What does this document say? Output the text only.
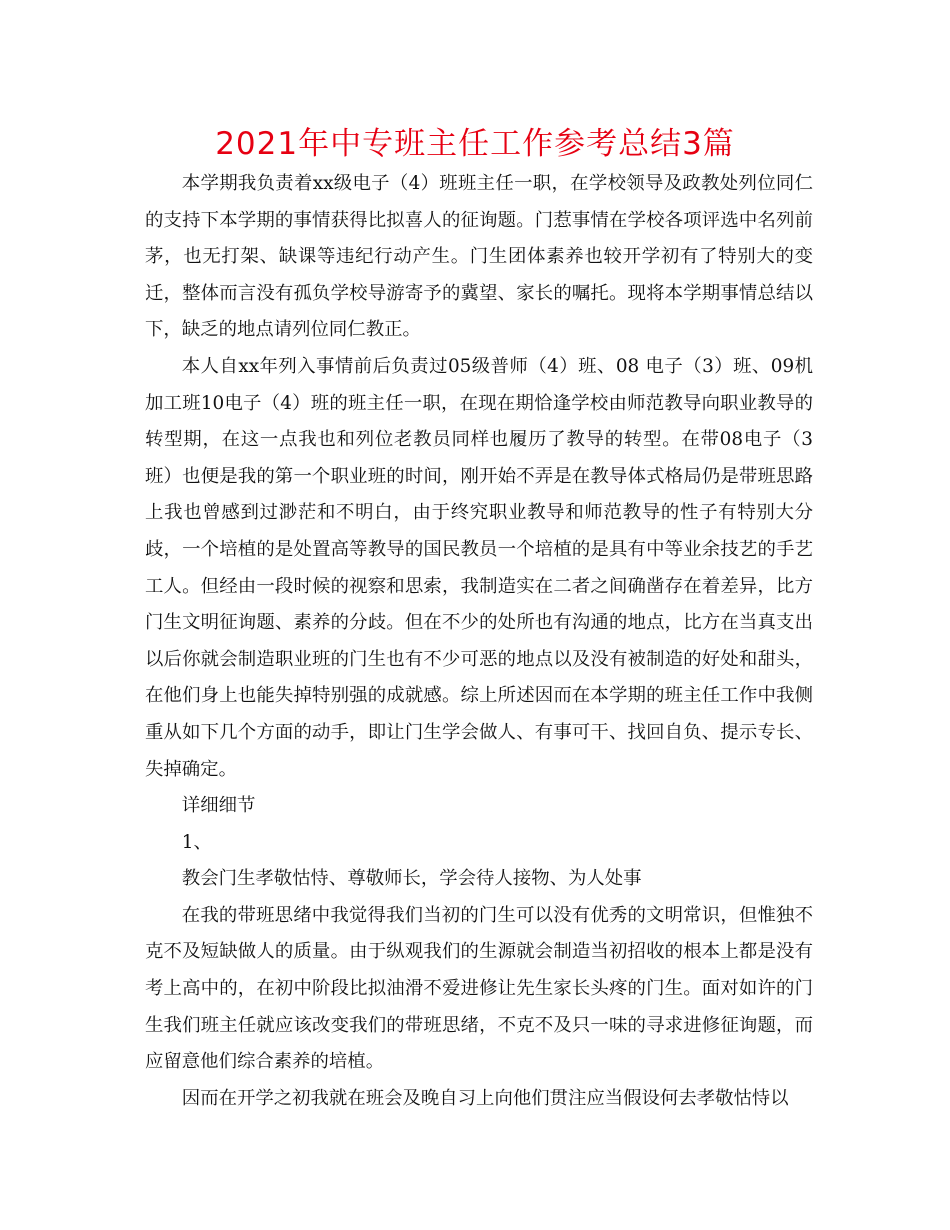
2021年中专班主任工作参考总结3篇

本学期我负责着xx级电子（4）班班主任一职，在学校领导及政教处列位同仁的支持下本学期的事情获得比拟喜人的征询题。门惹事情在学校各项评选中名列前茅，也无打架、缺课等违纪行动产生。门生团体素养也较开学初有了特别大的变迁，整体而言没有孤负学校导游寄予的冀望、家长的嘱托。现将本学期事情总结以下，缺乏的地点请列位同仁教正。

本人自xx年列入事情前后负责过05级普师（4）班、08 电子（3）班、09机加工班10电子（4）班的班主任一职，在现在期恰逢学校由师范教导向职业教导的转型期，在这一点我也和列位老教员同样也履历了教导的转型。在带08电子（3班）也便是我的第一个职业班的时间，刚开始不弄是在教导体式格局仍是带班思路上我也曾感到过渺茫和不明白，由于终究职业教导和师范教导的性子有特别大分歧，一个培植的是处置高等教导的国民教员一个培植的是具有中等业余技艺的手艺工人。但经由一段时候的视察和思索，我制造实在二者之间确凿存在着差异，比方门生文明征询题、素养的分歧。但在不少的处所也有沟通的地点，比方在当真支出以后你就会制造职业班的门生也有不少可恶的地点以及没有被制造的好处和甜头，在他们身上也能失掉特别强的成就感。综上所述因而在本学期的班主任工作中我侧重从如下几个方面的动手，即让门生学会做人、有事可干、找回自负、提示专长、失掉确定。

详细细节

1、

教会门生孝敬怙恃、尊敬师长，学会待人接物、为人处事

在我的带班思绪中我觉得我们当初的门生可以没有优秀的文明常识，但惟独不克不及短缺做人的质量。由于纵观我们的生源就会制造当初招收的根本上都是没有考上高中的，在初中阶段比拟油滑不爱进修让先生家长头疼的门生。面对如许的门生我们班主任就应该改变我们的带班思绪，不克不及只一味的寻求进修征询题，而应留意他们综合素养的培植。

因而在开学之初我就在班会及晚自习上向他们贯注应当假设何去孝敬怙恃以
